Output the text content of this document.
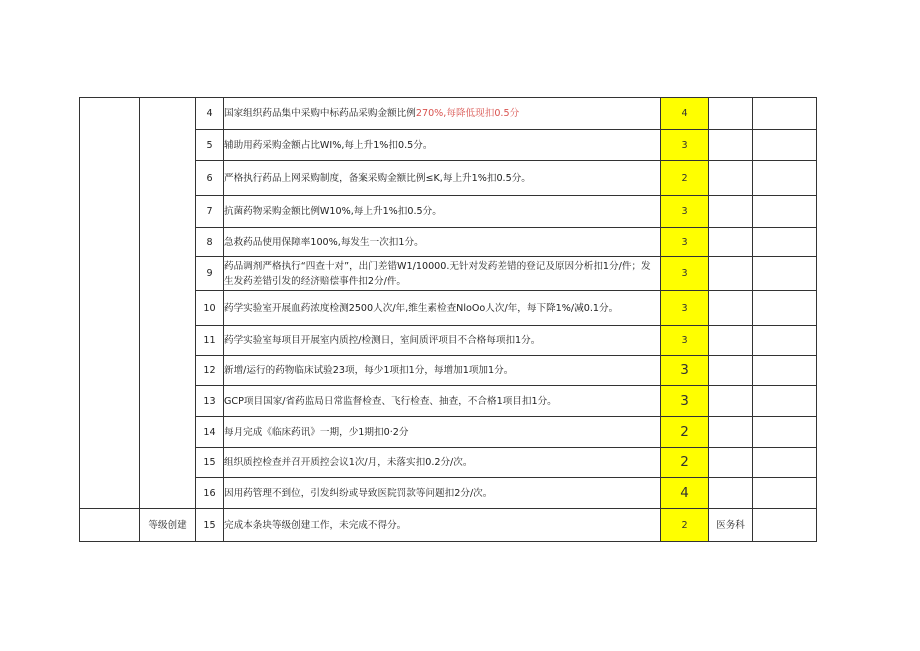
		4	国家组织药品集中采购中标药品采购金额比例270%,每降低现扣0.5分	4		
		5	辅助用药采购金额占比WI%,每上升1%扣0.5分。	3		
		6	严格执行药品上网采购制度，备案采购金额比例≤K,每上升1%扣0.5分。	2		
		7	抗菌药物采购金额比例W10%,每上升1%扣0.5分。	3		
		8	急救药品使用保障率100%,每发生一次扣1分。	3		
		9	药品调剂严格执行“四查十对”，出门差错W1/10000.无针对发药差错的登记及原因分析扣1分/件；发生发药差错引发的经济赔偿事件扣2分/件。	3		
		10	药学实验室开展血药浓度检测2500人次/年,维生素检查NloOo人次/年，每下降1%/减0.1分。	3		
		11	药学实验室每项目开展室内质控/检测日，室间质评项目不合格每项扣1分。	3		
		12	新增/运行的药物临床试验23项，每少1项扣1分，每增加1项加1分。	3		
		13	GCP项目国家/省药监局日常监督检查、飞行检查、抽查，不合格1项目扣1分。	3		
		14	每月完成《临床药讯》一期，少1期扣0·2分	2		
		15	组织质控检查并召开质控会议1次/月，未落实扣0.2分/次。	2		
		16	因用药管理不到位，引发纠纷或导致医院罚款等问题扣2分/次。	4		
	等级创建	15	完成本条块等级创建工作，未完成不得分。	2	医务科	
